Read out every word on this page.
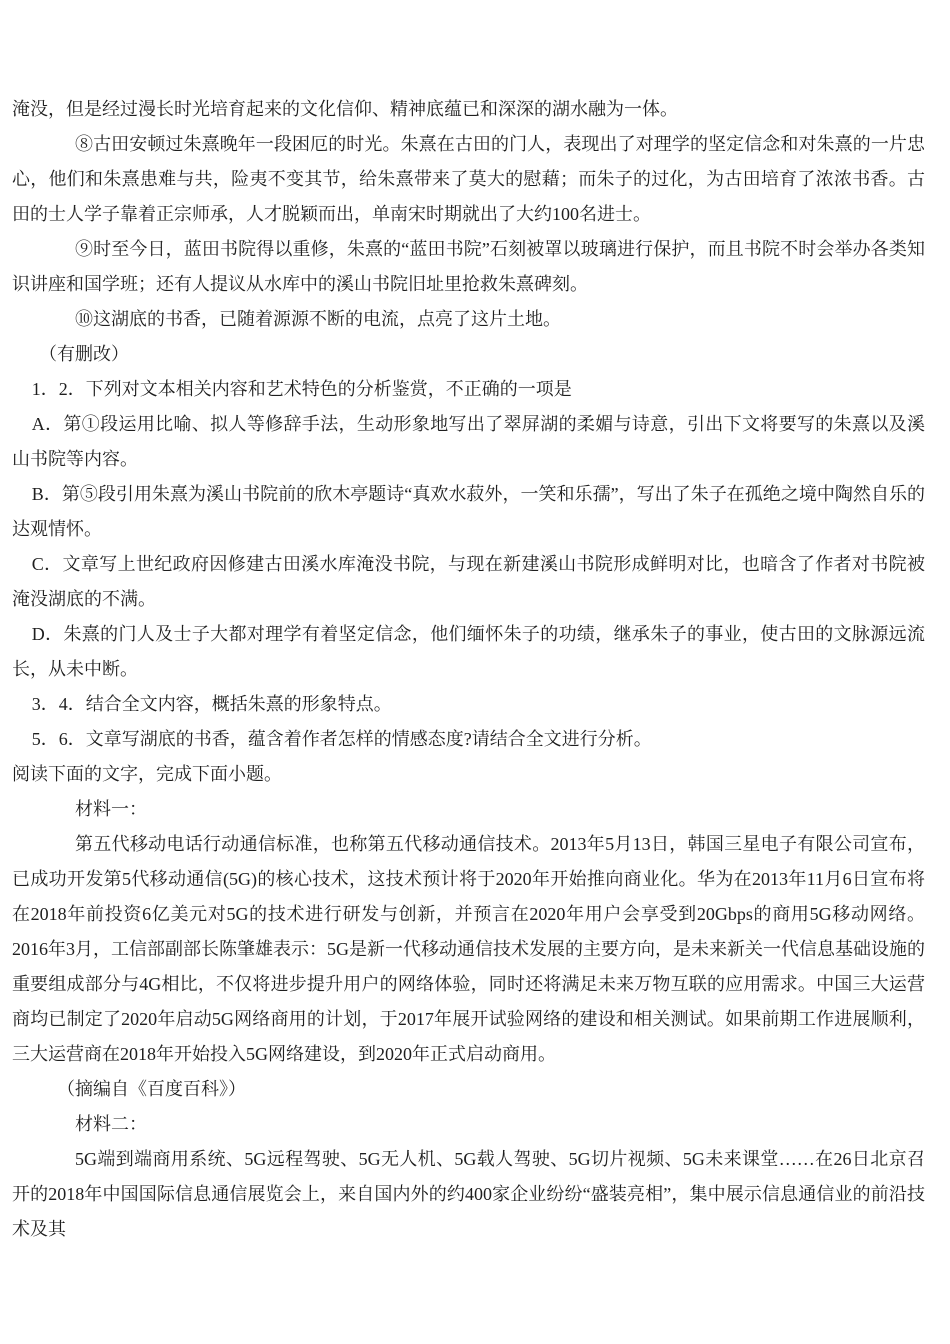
淹没，但是经过漫长时光培育起来的文化信仰、精神底蕴已和深深的湖水融为一体。

⑧古田安顿过朱熹晚年一段困厄的时光。朱熹在古田的门人，表现出了对理学的坚定信念和对朱熹的一片忠心，他们和朱熹患难与共，险夷不变其节，给朱熹带来了莫大的慰藉；而朱子的过化，为古田培育了浓浓书香。古田的士人学子靠着正宗师承，人才脱颖而出，单南宋时期就出了大约100名进士。

⑨时至今日，蓝田书院得以重修，朱熹的“蓝田书院”石刻被罩以玻璃进行保护，而且书院不时会举办各类知识讲座和国学班；还有人提议从水库中的溪山书院旧址里抢救朱熹碑刻。

⑩这湖底的书香，已随着源源不断的电流，点亮了这片土地。

（有删改）

1．2．下列对文本相关内容和艺术特色的分析鉴赏，不正确的一项是

A．第①段运用比喻、拟人等修辞手法，生动形象地写出了翠屏湖的柔媚与诗意，引出下文将要写的朱熹以及溪山书院等内容。

B．第⑤段引用朱熹为溪山书院前的欣木亭题诗“真欢水菽外，一笑和乐孺”，写出了朱子在孤绝之境中陶然自乐的达观情怀。

C．文章写上世纪政府因修建古田溪水库淹没书院，与现在新建溪山书院形成鲜明对比，也暗含了作者对书院被淹没湖底的不满。

D．朱熹的门人及士子大都对理学有着坚定信念，他们缅怀朱子的功绩，继承朱子的事业，使古田的文脉源远流长，从未中断。

3．4．结合全文内容，概括朱熹的形象特点。

5．6．文章写湖底的书香，蕴含着作者怎样的情感态度?请结合全文进行分析。

阅读下面的文字，完成下面小题。

材料一：

第五代移动电话行动通信标准，也称第五代移动通信技术。2013年5月13日，韩国三星电子有限公司宣布，已成功开发第5代移动通信(5G)的核心技术，这技术预计将于2020年开始推向商业化。华为在2013年11月6日宣布将在2018年前投资6亿美元对5G的技术进行研发与创新，并预言在2020年用户会享受到20Gbps的商用5G移动网络。2016年3月，工信部副部长陈肇雄表示：5G是新一代移动通信技术发展的主要方向，是未来新关一代信息基础设施的重要组成部分与4G相比，不仅将进步提升用户的网络体验，同时还将满足未来万物互联的应用需求。中国三大运营商均已制定了2020年启动5G网络商用的计划，于2017年展开试验网络的建设和相关测试。如果前期工作进展顺利，三大运营商在2018年开始投入5G网络建设，到2020年正式启动商用。

（摘编自《百度百科》）

材料二：

5G端到端商用系统、5G远程驾驶、5G无人机、5G载人驾驶、5G切片视频、5G未来课堂……在26日北京召开的2018年中国国际信息通信展览会上，来自国内外的约400家企业纷纷“盛装亮相”，集中展示信息通信业的前沿技术及其
